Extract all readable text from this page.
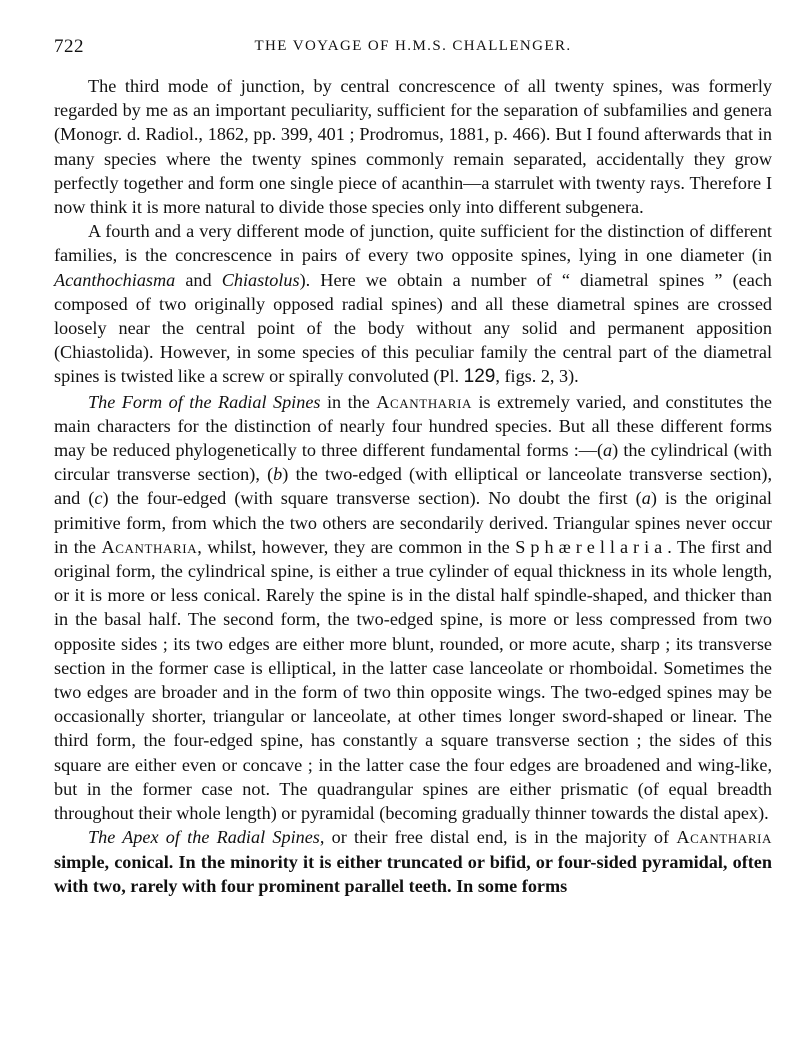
722	THE VOYAGE OF H.M.S. CHALLENGER.

The third mode of junction, by central concrescence of all twenty spines, was formerly regarded by me as an important peculiarity, sufficient for the separation of subfamilies and genera (Monogr. d. Radiol., 1862, pp. 399, 401 ; Prodromus, 1881, p. 466). But I found afterwards that in many species where the twenty spines commonly remain separated, accidentally they grow perfectly together and form one single piece of acanthin—a starrulet with twenty rays. Therefore I now think it is more natural to divide those species only into different subgenera.

A fourth and a very different mode of junction, quite sufficient for the distinction of different families, is the concrescence in pairs of every two opposite spines, lying in one diameter (in Acanthochiasma and Chiastolus). Here we obtain a number of “ diametral spines ” (each composed of two originally opposed radial spines) and all these diametral spines are crossed loosely near the central point of the body without any solid and permanent apposition (Chiastolida). However, in some species of this peculiar family the central part of the diametral spines is twisted like a screw or spirally convoluted (Pl. 129, figs. 2, 3).

The Form of the Radial Spines in the Acantharia is extremely varied, and constitutes the main characters for the distinction of nearly four hundred species. But all these different forms may be reduced phylogenetically to three different fundamental forms :—(a) the cylindrical (with circular transverse section), (b) the two-edged (with elliptical or lanceolate transverse section), and (c) the four-edged (with square transverse section). No doubt the first (a) is the original primitive form, from which the two others are secondarily derived. Triangular spines never occur in the Acantharia, whilst, however, they are common in the Sphærellaria. The first and original form, the cylindrical spine, is either a true cylinder of equal thickness in its whole length, or it is more or less conical. Rarely the spine is in the distal half spindle-shaped, and thicker than in the basal half. The second form, the two-edged spine, is more or less compressed from two opposite sides ; its two edges are either more blunt, rounded, or more acute, sharp ; its transverse section in the former case is elliptical, in the latter case lanceolate or rhomboidal. Sometimes the two edges are broader and in the form of two thin opposite wings. The two-edged spines may be occasionally shorter, triangular or lanceolate, at other times longer sword-shaped or linear. The third form, the four-edged spine, has constantly a square transverse section ; the sides of this square are either even or concave ; in the latter case the four edges are broadened and wing-like, but in the former case not. The quadrangular spines are either prismatic (of equal breadth throughout their whole length) or pyramidal (becoming gradually thinner towards the distal apex).

The Apex of the Radial Spines, or their free distal end, is in the majority of Acantharia simple, conical. In the minority it is either truncated or bifid, or four-sided pyramidal, often with two, rarely with four prominent parallel teeth. In some forms
